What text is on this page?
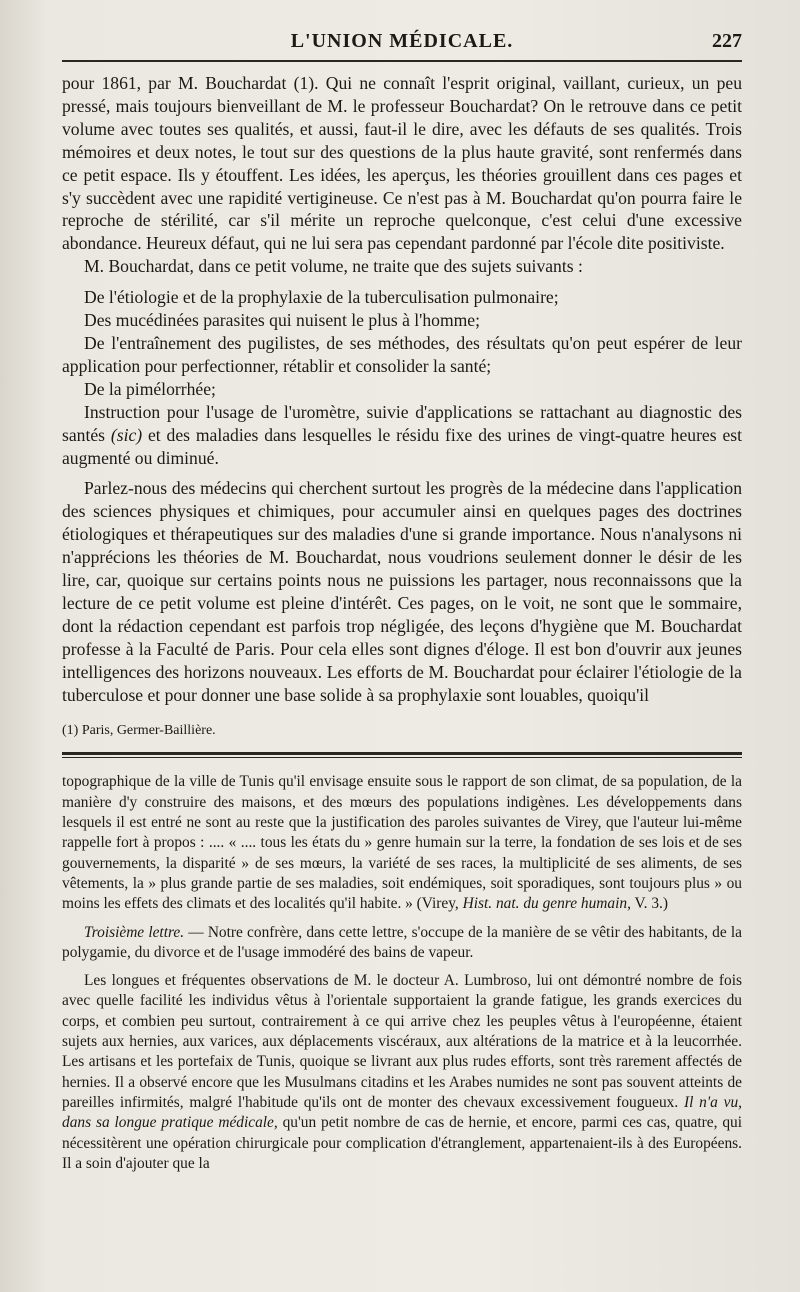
L'UNION MÉDICALE.	227

pour 1861, par M. Bouchardat (1). Qui ne connaît l'esprit original, vaillant, curieux, un peu pressé, mais toujours bienveillant de M. le professeur Bouchardat? On le retrouve dans ce petit volume avec toutes ses qualités, et aussi, faut-il le dire, avec les défauts de ses qualités. Trois mémoires et deux notes, le tout sur des questions de la plus haute gravité, sont renfermés dans ce petit espace. Ils y étouffent. Les idées, les aperçus, les théories grouillent dans ces pages et s'y succèdent avec une rapidité vertigineuse. Ce n'est pas à M. Bouchardat qu'on pourra faire le reproche de stérilité, car s'il mérite un reproche quelconque, c'est celui d'une excessive abondance. Heureux défaut, qui ne lui sera pas cependant pardonné par l'école dite positiviste.

M. Bouchardat, dans ce petit volume, ne traite que des sujets suivants :

De l'étiologie et de la prophylaxie de la tuberculisation pulmonaire;

Des mucédinées parasites qui nuisent le plus à l'homme;

De l'entraînement des pugilistes, de ses méthodes, des résultats qu'on peut espérer de leur application pour perfectionner, rétablir et consolider la santé;

De la pimélorrhée;

Instruction pour l'usage de l'uromètre, suivie d'applications se rattachant au diagnostic des santés (sic) et des maladies dans lesquelles le résidu fixe des urines de vingt-quatre heures est augmenté ou diminué.

Parlez-nous des médecins qui cherchent surtout les progrès de la médecine dans l'application des sciences physiques et chimiques, pour accumuler ainsi en quelques pages des doctrines étiologiques et thérapeutiques sur des maladies d'une si grande importance. Nous n'analysons ni n'apprécions les théories de M. Bouchardat, nous voudrions seulement donner le désir de les lire, car, quoique sur certains points nous ne puissions les partager, nous reconnaissons que la lecture de ce petit volume est pleine d'intérêt. Ces pages, on le voit, ne sont que le sommaire, dont la rédaction cependant est parfois trop négligée, des leçons d'hygiène que M. Bouchardat professe à la Faculté de Paris. Pour cela elles sont dignes d'éloge. Il est bon d'ouvrir aux jeunes intelligences des horizons nouveaux. Les efforts de M. Bouchardat pour éclairer l'étiologie de la tuberculose et pour donner une base solide à sa prophylaxie sont louables, quoiqu'il

(1) Paris, Germer-Baillière.

topographique de la ville de Tunis qu'il envisage ensuite sous le rapport de son climat, de sa population, de la manière d'y construire des maisons, et des mœurs des populations indigènes. Les développements dans lesquels il est entré ne sont au reste que la justification des paroles suivantes de Virey, que l'auteur lui-même rappelle fort à propos : .... « .... tous les états du » genre humain sur la terre, la fondation de ses lois et de ses gouvernements, la disparité » de ses mœurs, la variété de ses races, la multiplicité de ses aliments, de ses vêtements, la » plus grande partie de ses maladies, soit endémiques, soit sporadiques, sont toujours plus » ou moins les effets des climats et des localités qu'il habite. » (Virey, Hist. nat. du genre humain, V. 3.)

Troisième lettre. — Notre confrère, dans cette lettre, s'occupe de la manière de se vêtir des habitants, de la polygamie, du divorce et de l'usage immodéré des bains de vapeur.

Les longues et fréquentes observations de M. le docteur A. Lumbroso, lui ont démontré nombre de fois avec quelle facilité les individus vêtus à l'orientale supportaient la grande fatigue, les grands exercices du corps, et combien peu surtout, contrairement à ce qui arrive chez les peuples vêtus à l'européenne, étaient sujets aux hernies, aux varices, aux déplacements viscéraux, aux altérations de la matrice et à la leucorrhée. Les artisans et les portefaix de Tunis, quoique se livrant aux plus rudes efforts, sont très rarement affectés de hernies. Il a observé encore que les Musulmans citadins et les Arabes numides ne sont pas souvent atteints de pareilles infirmités, malgré l'habitude qu'ils ont de monter des chevaux excessivement fougueux. Il n'a vu, dans sa longue pratique médicale, qu'un petit nombre de cas de hernie, et encore, parmi ces cas, quatre, qui nécessitèrent une opération chirurgicale pour complication d'étranglement, appartenaient-ils à des Européens. Il a soin d'ajouter que la
